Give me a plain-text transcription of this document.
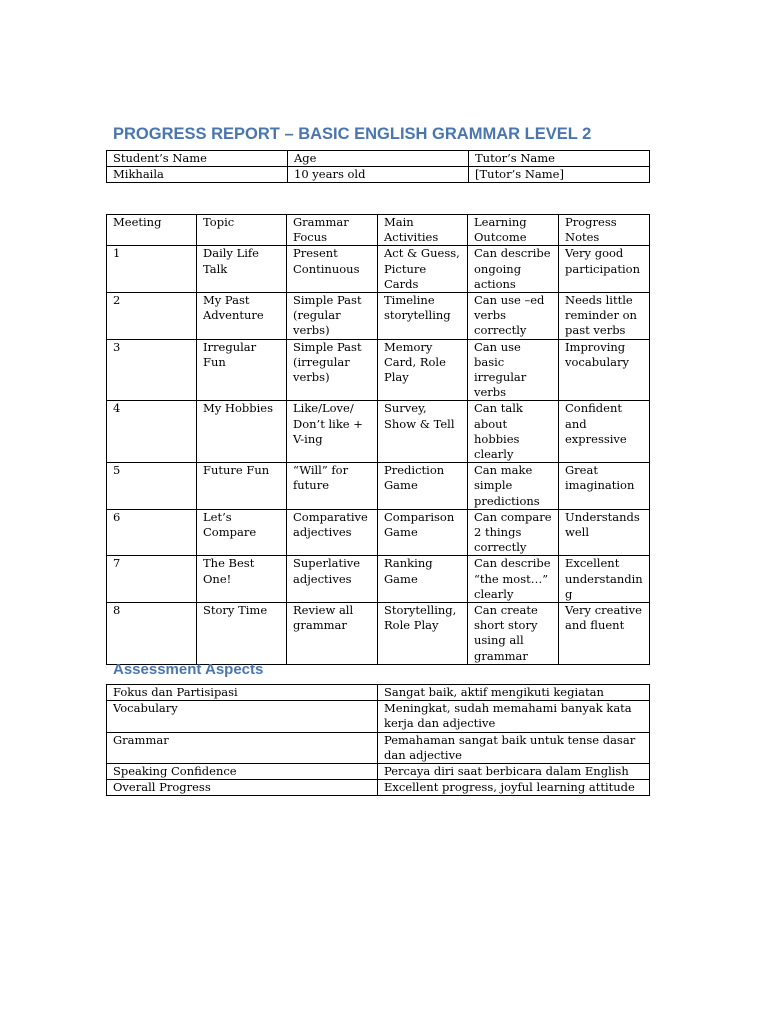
PROGRESS REPORT – BASIC ENGLISH GRAMMAR LEVEL 2
Student’s Name	Age	Tutor’s Name
Mikhaila	10 years old	[Tutor’s Name]
Meeting	Topic	Grammar Focus	Main Activities	Learning Outcome	Progress Notes
1	Daily Life Talk	Present Continuous	Act & Guess, Picture Cards	Can describe ongoing actions	Very good participation
2	My Past Adventure	Simple Past (regular verbs)	Timeline storytelling	Can use –ed verbs correctly	Needs little reminder on past verbs
3	Irregular Fun	Simple Past (irregular verbs)	Memory Card, Role Play	Can use basic irregular verbs	Improving vocabulary
4	My Hobbies	Like/Love/ Don’t like + V-ing	Survey, Show & Tell	Can talk about hobbies clearly	Confident and expressive
5	Future Fun	“Will” for future	Prediction Game	Can make simple predictions	Great imagination
6	Let’s Compare	Comparative adjectives	Comparison Game	Can compare 2 things correctly	Understands well
7	The Best One!	Superlative adjectives	Ranking Game	Can describe “the most…” clearly	Excellent understanding
8	Story Time	Review all grammar	Storytelling, Role Play	Can create short story using all grammar	Very creative and fluent
Assessment Aspects
Fokus dan Partisipasi	Sangat baik, aktif mengikuti kegiatan
Vocabulary	Meningkat, sudah memahami banyak kata kerja dan adjective
Grammar	Pemahaman sangat baik untuk tense dasar dan adjective
Speaking Confidence	Percaya diri saat berbicara dalam English
Overall Progress	Excellent progress, joyful learning attitude
